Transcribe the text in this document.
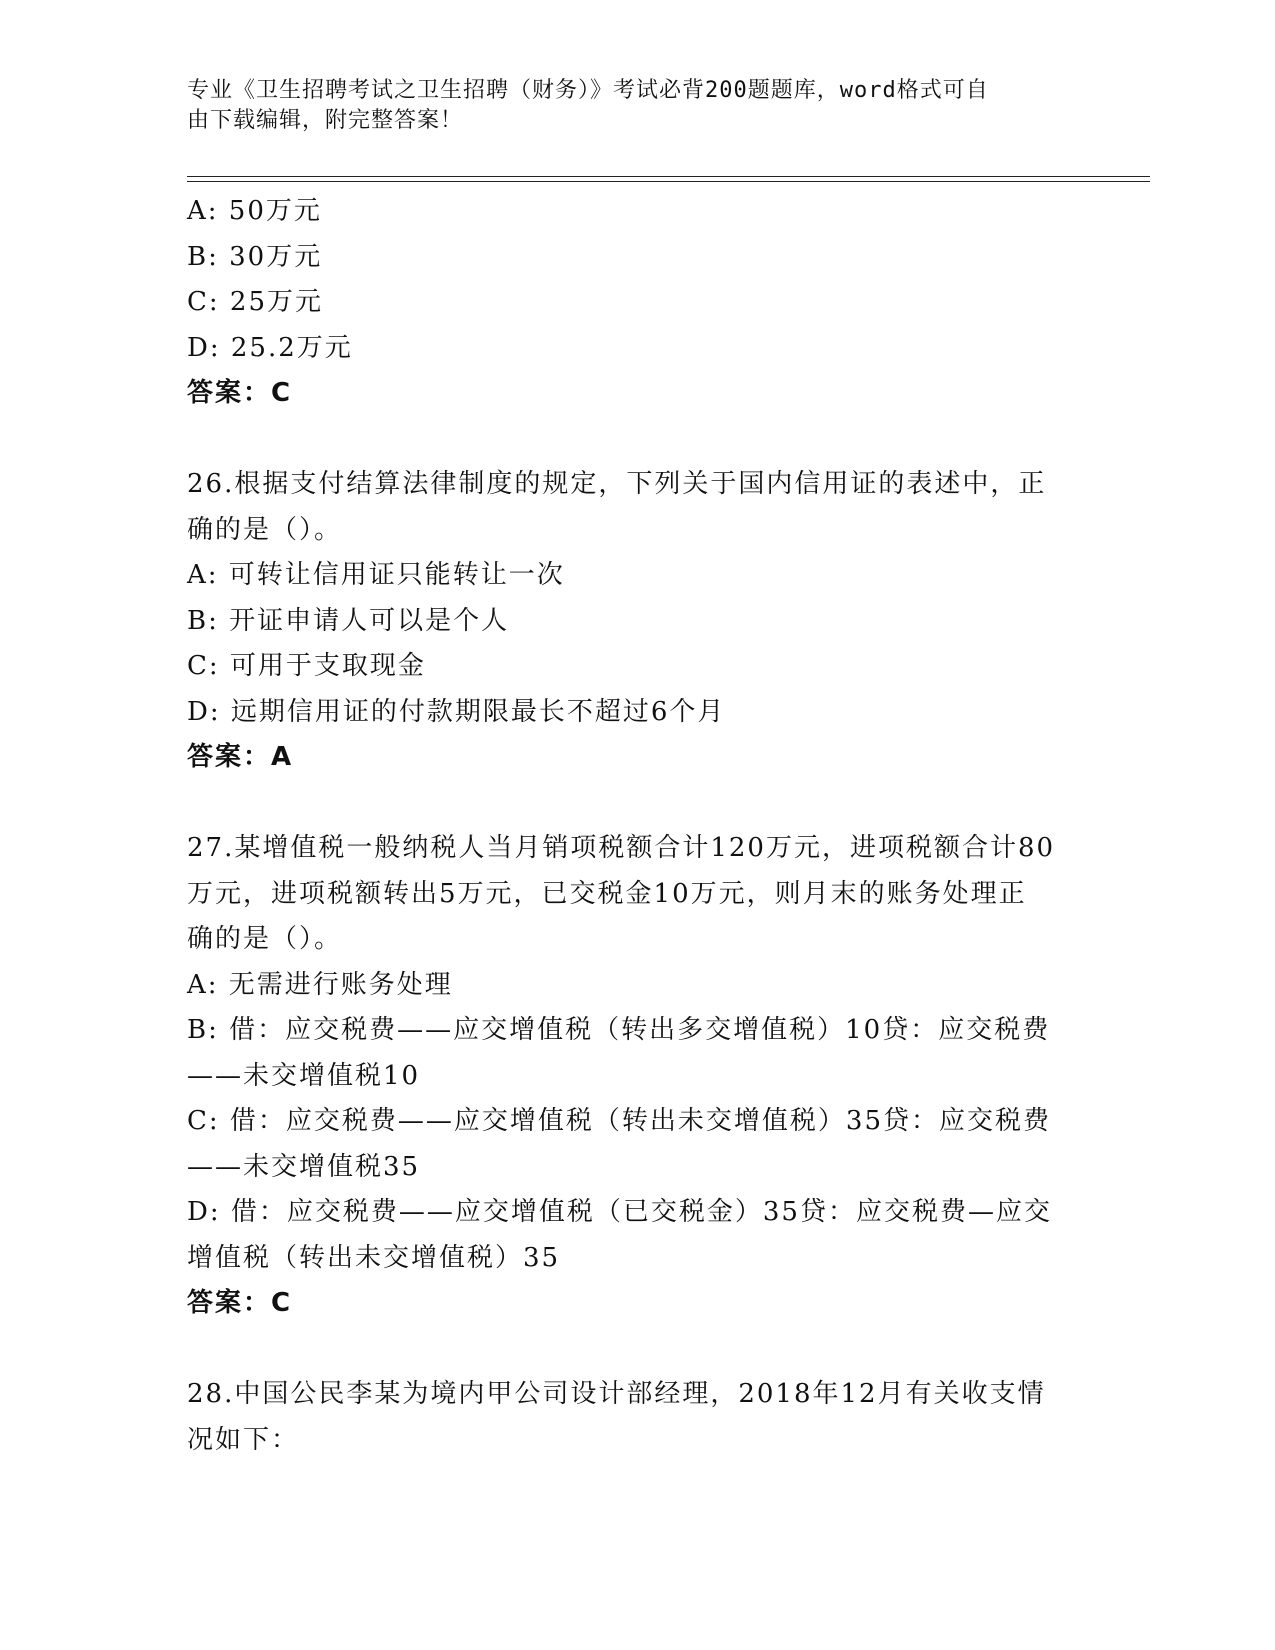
专业《卫生招聘考试之卫生招聘（财务）》考试必背200题题库，word格式可自
由下载编辑，附完整答案！
A: 50万元
B: 30万元
C: 25万元
D: 25.2万元
答案：C
26.根据支付结算法律制度的规定，下列关于国内信用证的表述中，正
确的是（）。
A: 可转让信用证只能转让一次
B: 开证申请人可以是个人
C: 可用于支取现金
D: 远期信用证的付款期限最长不超过6个月
答案：A
27.某增值税一般纳税人当月销项税额合计120万元，进项税额合计80
万元，进项税额转出5万元，已交税金10万元，则月末的账务处理正
确的是（）。
A: 无需进行账务处理
B: 借：应交税费——应交增值税（转出多交增值税）10贷：应交税费
——未交增值税10
C: 借：应交税费——应交增值税（转出未交增值税）35贷：应交税费
——未交增值税35
D: 借：应交税费——应交增值税（已交税金）35贷：应交税费—应交
增值税（转出未交增值税）35
答案：C
28.中国公民李某为境内甲公司设计部经理，2018年12月有关收支情
况如下：
